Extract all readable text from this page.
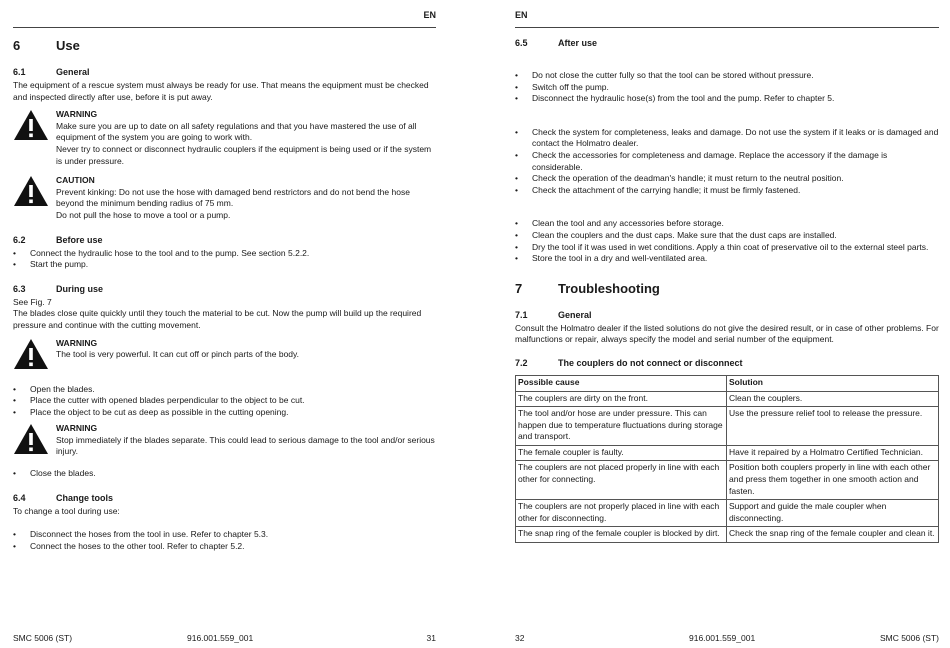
EN
6	Use
6.1	General

The equipment of a rescue system must always be ready for use. That means the equipment must be checked and inspected directly after use, before it is put away.

WARNING

Make sure you are up to date on all safety regulations and that you have mastered the use of all equipment of the system you are going to work with.

Never try to connect or disconnect hydraulic couplers if the equipment is being used or if the system is under pressure.

CAUTION

Prevent kinking: Do not use the hose with damaged bend restrictors and do not bend the hose beyond the minimum bending radius of 75 mm.

Do not pull the hose to move a tool or a pump.

6.2	Before use
• Connect the hydraulic hose to the tool and to the pump. See section 5.2.2.
• Start the pump.
6.3	During use

See Fig. 7

The blades close quite quickly until they touch the material to be cut. Now the pump will build up the required pressure and continue with the cutting movement.

WARNING

The tool is very powerful. It can cut off or pinch parts of the body.

• Open the blades.
• Place the cutter with opened blades perpendicular to the object to be cut.
• Place the object to be cut as deep as possible in the cutting opening.

WARNING

Stop immediately if the blades separate. This could lead to serious damage to the tool and/or serious injury.

• Close the blades.
6.4	Change tools

To change a tool during use:

• Disconnect the hoses from the tool in use. Refer to chapter 5.3.
• Connect the hoses to the other tool. Refer to chapter 5.2.
SMC 5006 (ST)	916.001.559_001	31
EN
6.5	After use
• Do not close the cutter fully so that the tool can be stored without pressure.
• Switch off the pump.
• Disconnect the hydraulic hose(s) from the tool and the pump. Refer to chapter 5.
• Check the system for completeness, leaks and damage. Do not use the system if it leaks or is damaged and contact the Holmatro dealer.
• Check the accessories for completeness and damage. Replace the accessory if the damage is considerable.
• Check the operation of the deadman's handle; it must return to the neutral position.
• Check the attachment of the carrying handle; it must be firmly fastened.
• Clean the tool and any accessories before storage.
• Clean the couplers and the dust caps. Make sure that the dust caps are installed.
• Dry the tool if it was used in wet conditions. Apply a thin coat of preservative oil to the external steel parts.
• Store the tool in a dry and well-ventilated area.
7	Troubleshooting
7.1	General

Consult the Holmatro dealer if the listed solutions do not give the desired result, or in case of other problems. For malfunctions or repair, always specify the model and serial number of the equipment.

7.2	The couplers do not connect or disconnect
Possible cause	Solution
The couplers are dirty on the front.	Clean the couplers.
The tool and/or hose are under pressure. This can happen due to temperature fluctuations during storage and transport.	Use the pressure relief tool to release the pressure.
The female coupler is faulty.	Have it repaired by a Holmatro Certified Technician.
The couplers are not placed properly in line with each other for connecting.	Position both couplers properly in line with each other and press them together in one smooth action and fasten.
The couplers are not properly placed in line with each other for disconnecting.	Support and guide the male coupler when disconnecting.
The snap ring of the female coupler is blocked by dirt.	Check the snap ring of the female coupler and clean it.
32	916.001.559_001	SMC 5006 (ST)
